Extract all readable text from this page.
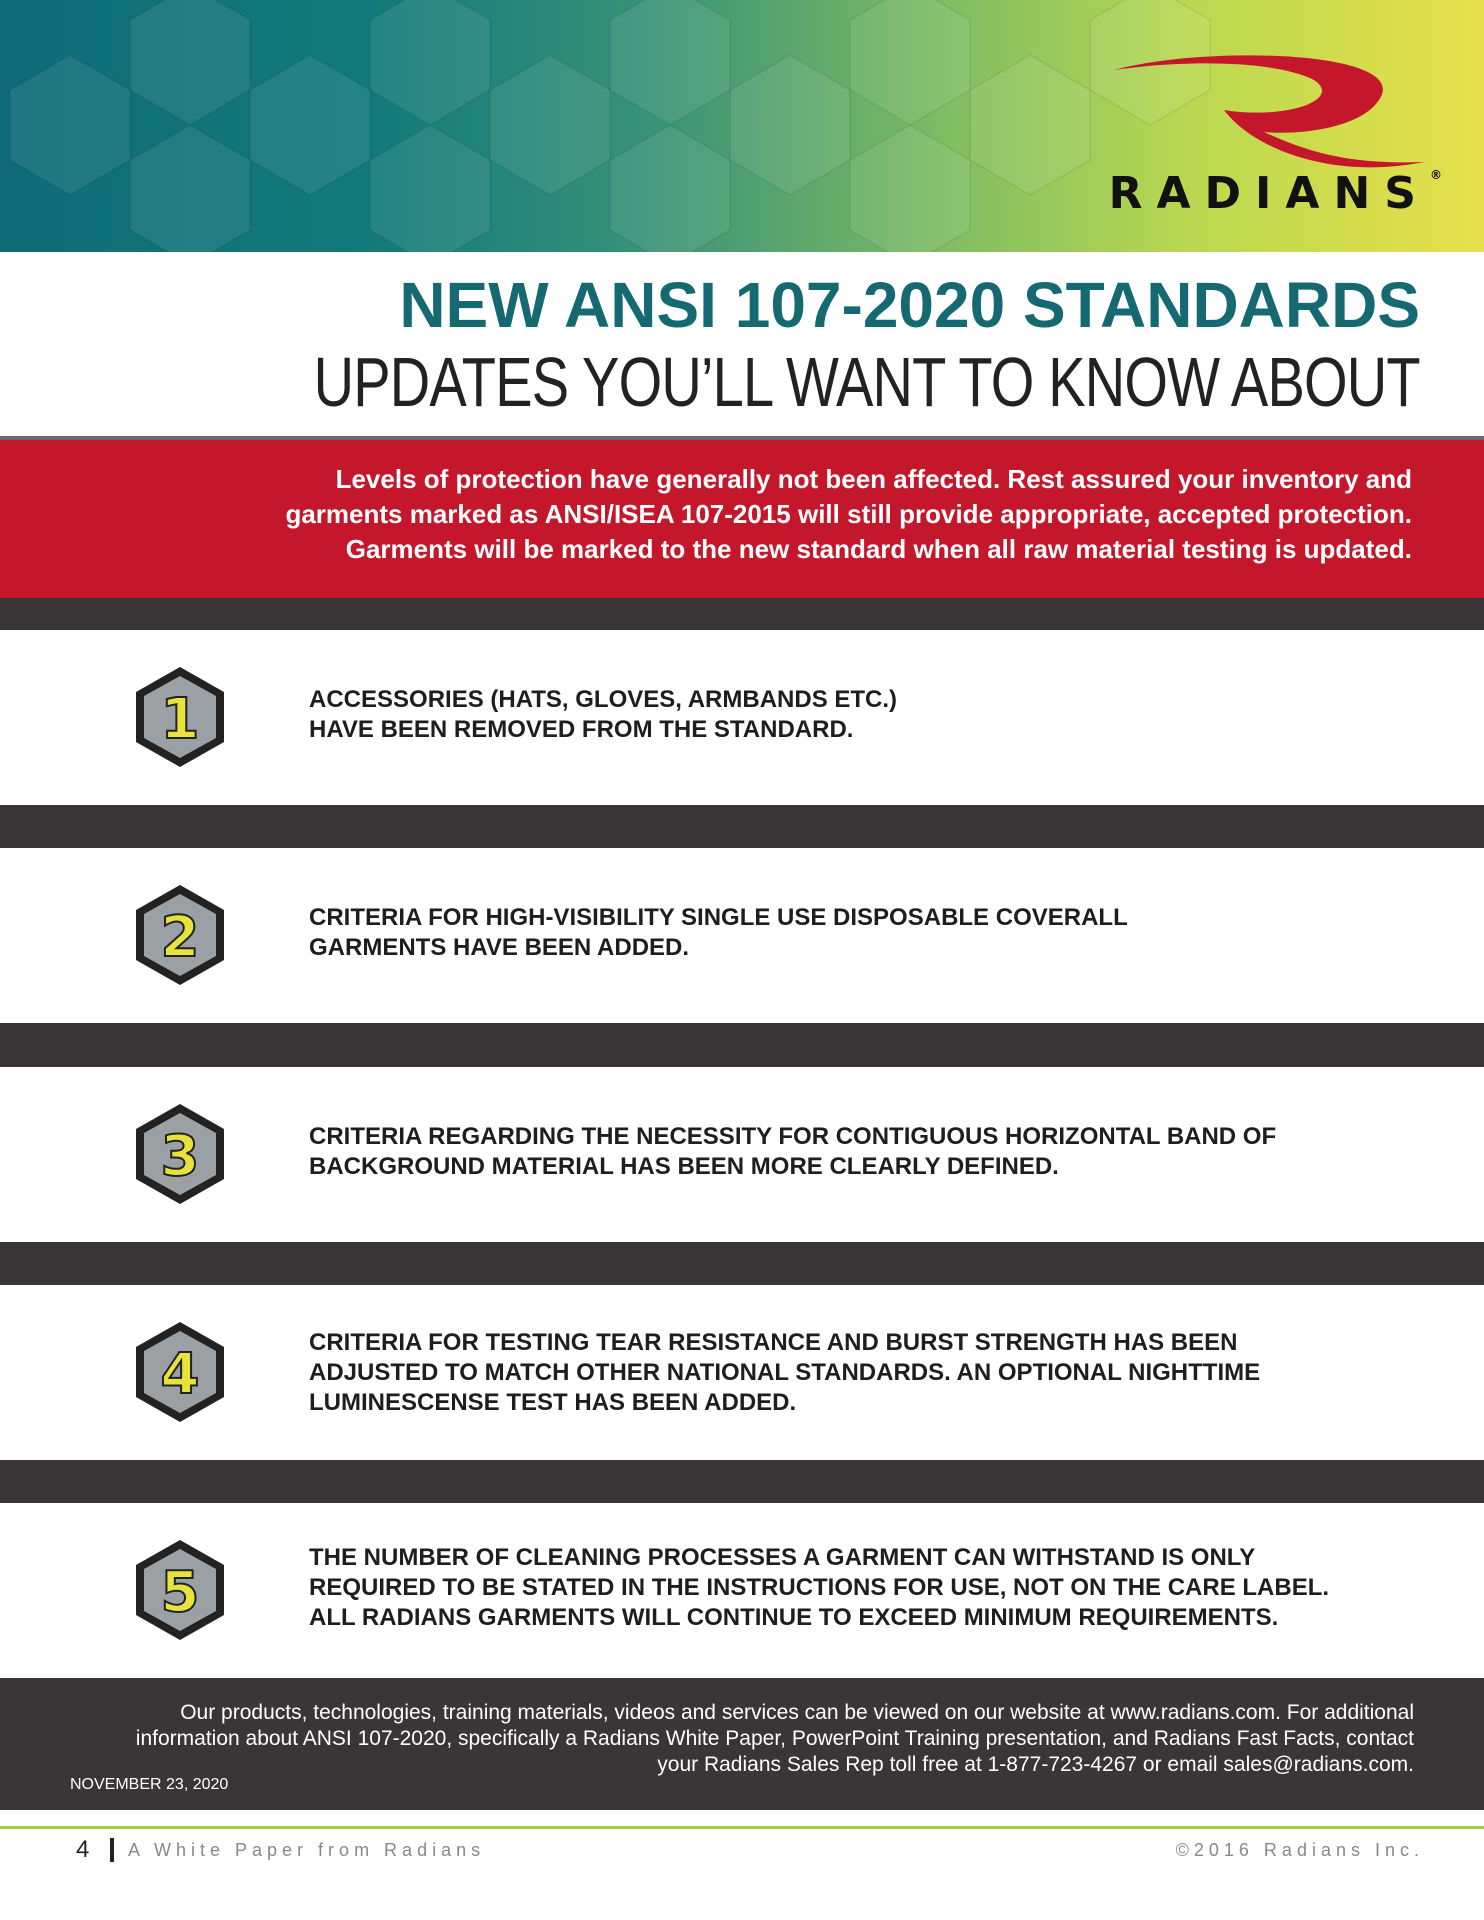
RADIANS®
NEW ANSI 107-2020 STANDARDS
UPDATES YOU’LL WANT TO KNOW ABOUT

Levels of protection have generally not been affected. Rest assured your inventory and
garments marked as ANSI/ISEA 107-2015 will still provide appropriate, accepted protection.
Garments will be marked to the new standard when all raw material testing is updated.

1	ACCESSORIES (HATS, GLOVES, ARMBANDS ETC.)
HAVE BEEN REMOVED FROM THE STANDARD.
2	CRITERIA FOR HIGH-VISIBILITY SINGLE USE DISPOSABLE COVERALL
GARMENTS HAVE BEEN ADDED.
3	CRITERIA REGARDING THE NECESSITY FOR CONTIGUOUS HORIZONTAL BAND OF
BACKGROUND MATERIAL HAS BEEN MORE CLEARLY DEFINED.
4	CRITERIA FOR TESTING TEAR RESISTANCE AND BURST STRENGTH HAS BEEN
ADJUSTED TO MATCH OTHER NATIONAL STANDARDS. AN OPTIONAL NIGHTTIME
LUMINESCENSE TEST HAS BEEN ADDED.
5
THE NUMBER OF CLEANING PROCESSES A GARMENT CAN WITHSTAND IS ONLY
REQUIRED TO BE STATED IN THE INSTRUCTIONS FOR USE, NOT ON THE CARE LABEL.
ALL RADIANS GARMENTS WILL CONTINUE TO EXCEED MINIMUM REQUIREMENTS.
Our products, technologies, training materials, videos and services can be viewed on our website at www.radians.com. For additional
information about ANSI 107-2020, specifically a Radians White Paper, PowerPoint Training presentation, and Radians Fast Facts, contact
your Radians Sales Rep toll free at 1-877-723-4267 or email sales@radians.com.
NOVEMBER 23, 2020
4 A White Paper from Radians	©2016 Radians Inc.
